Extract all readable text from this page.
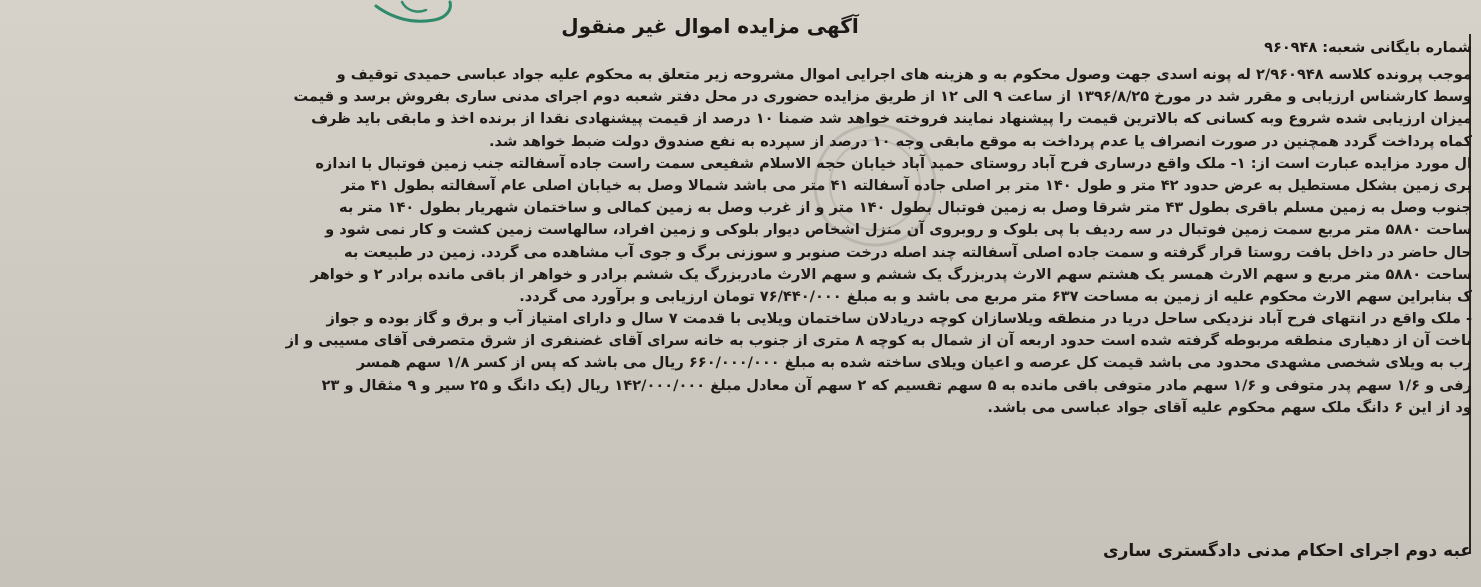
آگهی مزایده اموال غیر منقول
شماره بایگانی شعبه: ۹۶۰۹۴۸
موجب پرونده کلاسه ۲/۹۶۰۹۴۸ له پونه اسدی جهت وصول محکوم به و هزینه های اجرایی اموال مشروحه زیر متعلق به محکوم علیه جواد عباسی حمیدی توقیف و
وسط کارشناس ارزیابی و مقرر شد در مورخ ۱۳۹۶/۸/۲۵ از ساعت ۹ الی ۱۲ از طریق مزایده حضوری در محل دفتر شعبه دوم اجرای مدنی ساری بفروش برسد و قیمت
میزان ارزیابی شده شروع وبه کسانی که بالاترین قیمت را پیشنهاد نمایند فروخته خواهد شد ضمنا ۱۰ درصد از قیمت پیشنهادی نقدا از برنده اخذ و مابقی باید ظرف
کماه پرداخت گردد همچنین در صورت انصراف یا عدم پرداخت به موقع مابقی وجه ۱۰ درصد از سپرده به نفع صندوق دولت ضبط خواهد شد.
ال مورد مزایده عبارت است از: ۱- ملک واقع درساری فرح آباد روستای حمید آباد خیابان حجه الاسلام شفیعی سمت راست جاده آسفالته جنب زمین فوتبال با اندازه
یری زمین بشکل مستطیل به عرض حدود ۴۲ متر و طول ۱۴۰ متر بر اصلی جاده آسفالته ۴۱ متر می باشد شمالا وصل به خیابان اصلی عام آسفالته بطول ۴۱ متر
جنوب وصل به زمین مسلم باقری بطول ۴۳ متر شرقا وصل به زمین فوتبال بطول ۱۴۰ متر و از غرب وصل به زمین کمالی و ساختمان شهریار بطول ۱۴۰ متر به
ساحت ۵۸۸۰ متر مربع سمت زمین فوتبال در سه ردیف با پی بلوک و روبروی آن منزل اشخاص دیوار بلوکی و زمین افراد، سالهاست زمین کشت و کار نمی شود و
حال حاضر در داخل بافت روستا قرار گرفته و سمت جاده اصلی آسفالته چند اصله درخت صنوبر و سوزنی برگ و جوی آب مشاهده می گردد. زمین در طبیعت به
ساحت ۵۸۸۰ متر مربع و سهم الارث همسر یک هشتم سهم الارث پدربزرگ یک ششم و سهم الارث مادربزرگ یک ششم برادر و خواهر از باقی مانده برادر ۲ و خواهر
ک بنابراین سهم الارث محکوم علیه از زمین به مساحت ۶۳۷ متر مربع می باشد و به مبلغ ۷۶/۴۴۰/۰۰۰ تومان ارزیابی و برآورد می گردد.
- ملک واقع در انتهای فرح آباد نزدیکی ساحل دریا در منطقه ویلاسازان کوچه دریادلان ساختمان ویلایی با قدمت ۷ سال و دارای امتیاز آب و برق و گاز بوده و جواز
باخت آن از دهیاری منطقه مربوطه گرفته شده است حدود اربعه آن از شمال به کوچه ۸ متری از جنوب به خانه سرای آقای غضنفری از شرق متصرفی آقای مسیبی و از
رب به ویلای شخصی مشهدی محدود می باشد قیمت کل عرصه و اعیان ویلای ساخته شده به مبلغ ۶۶۰/۰۰۰/۰۰۰ ریال می باشد که پس از کسر ۱/۸ سهم همسر
رفی و ۱/۶ سهم پدر متوفی و ۱/۶ سهم مادر متوفی باقی مانده به ۵ سهم تقسیم که ۲ سهم آن معادل مبلغ ۱۴۲/۰۰۰/۰۰۰ ریال (یک دانگ و ۲۵ سیر و ۹ مثقال و ۲۳
ود از این ۶ دانگ ملک سهم محکوم علیه آقای جواد عباسی می باشد.
عبه دوم اجرای احکام مدنی دادگستری ساری
